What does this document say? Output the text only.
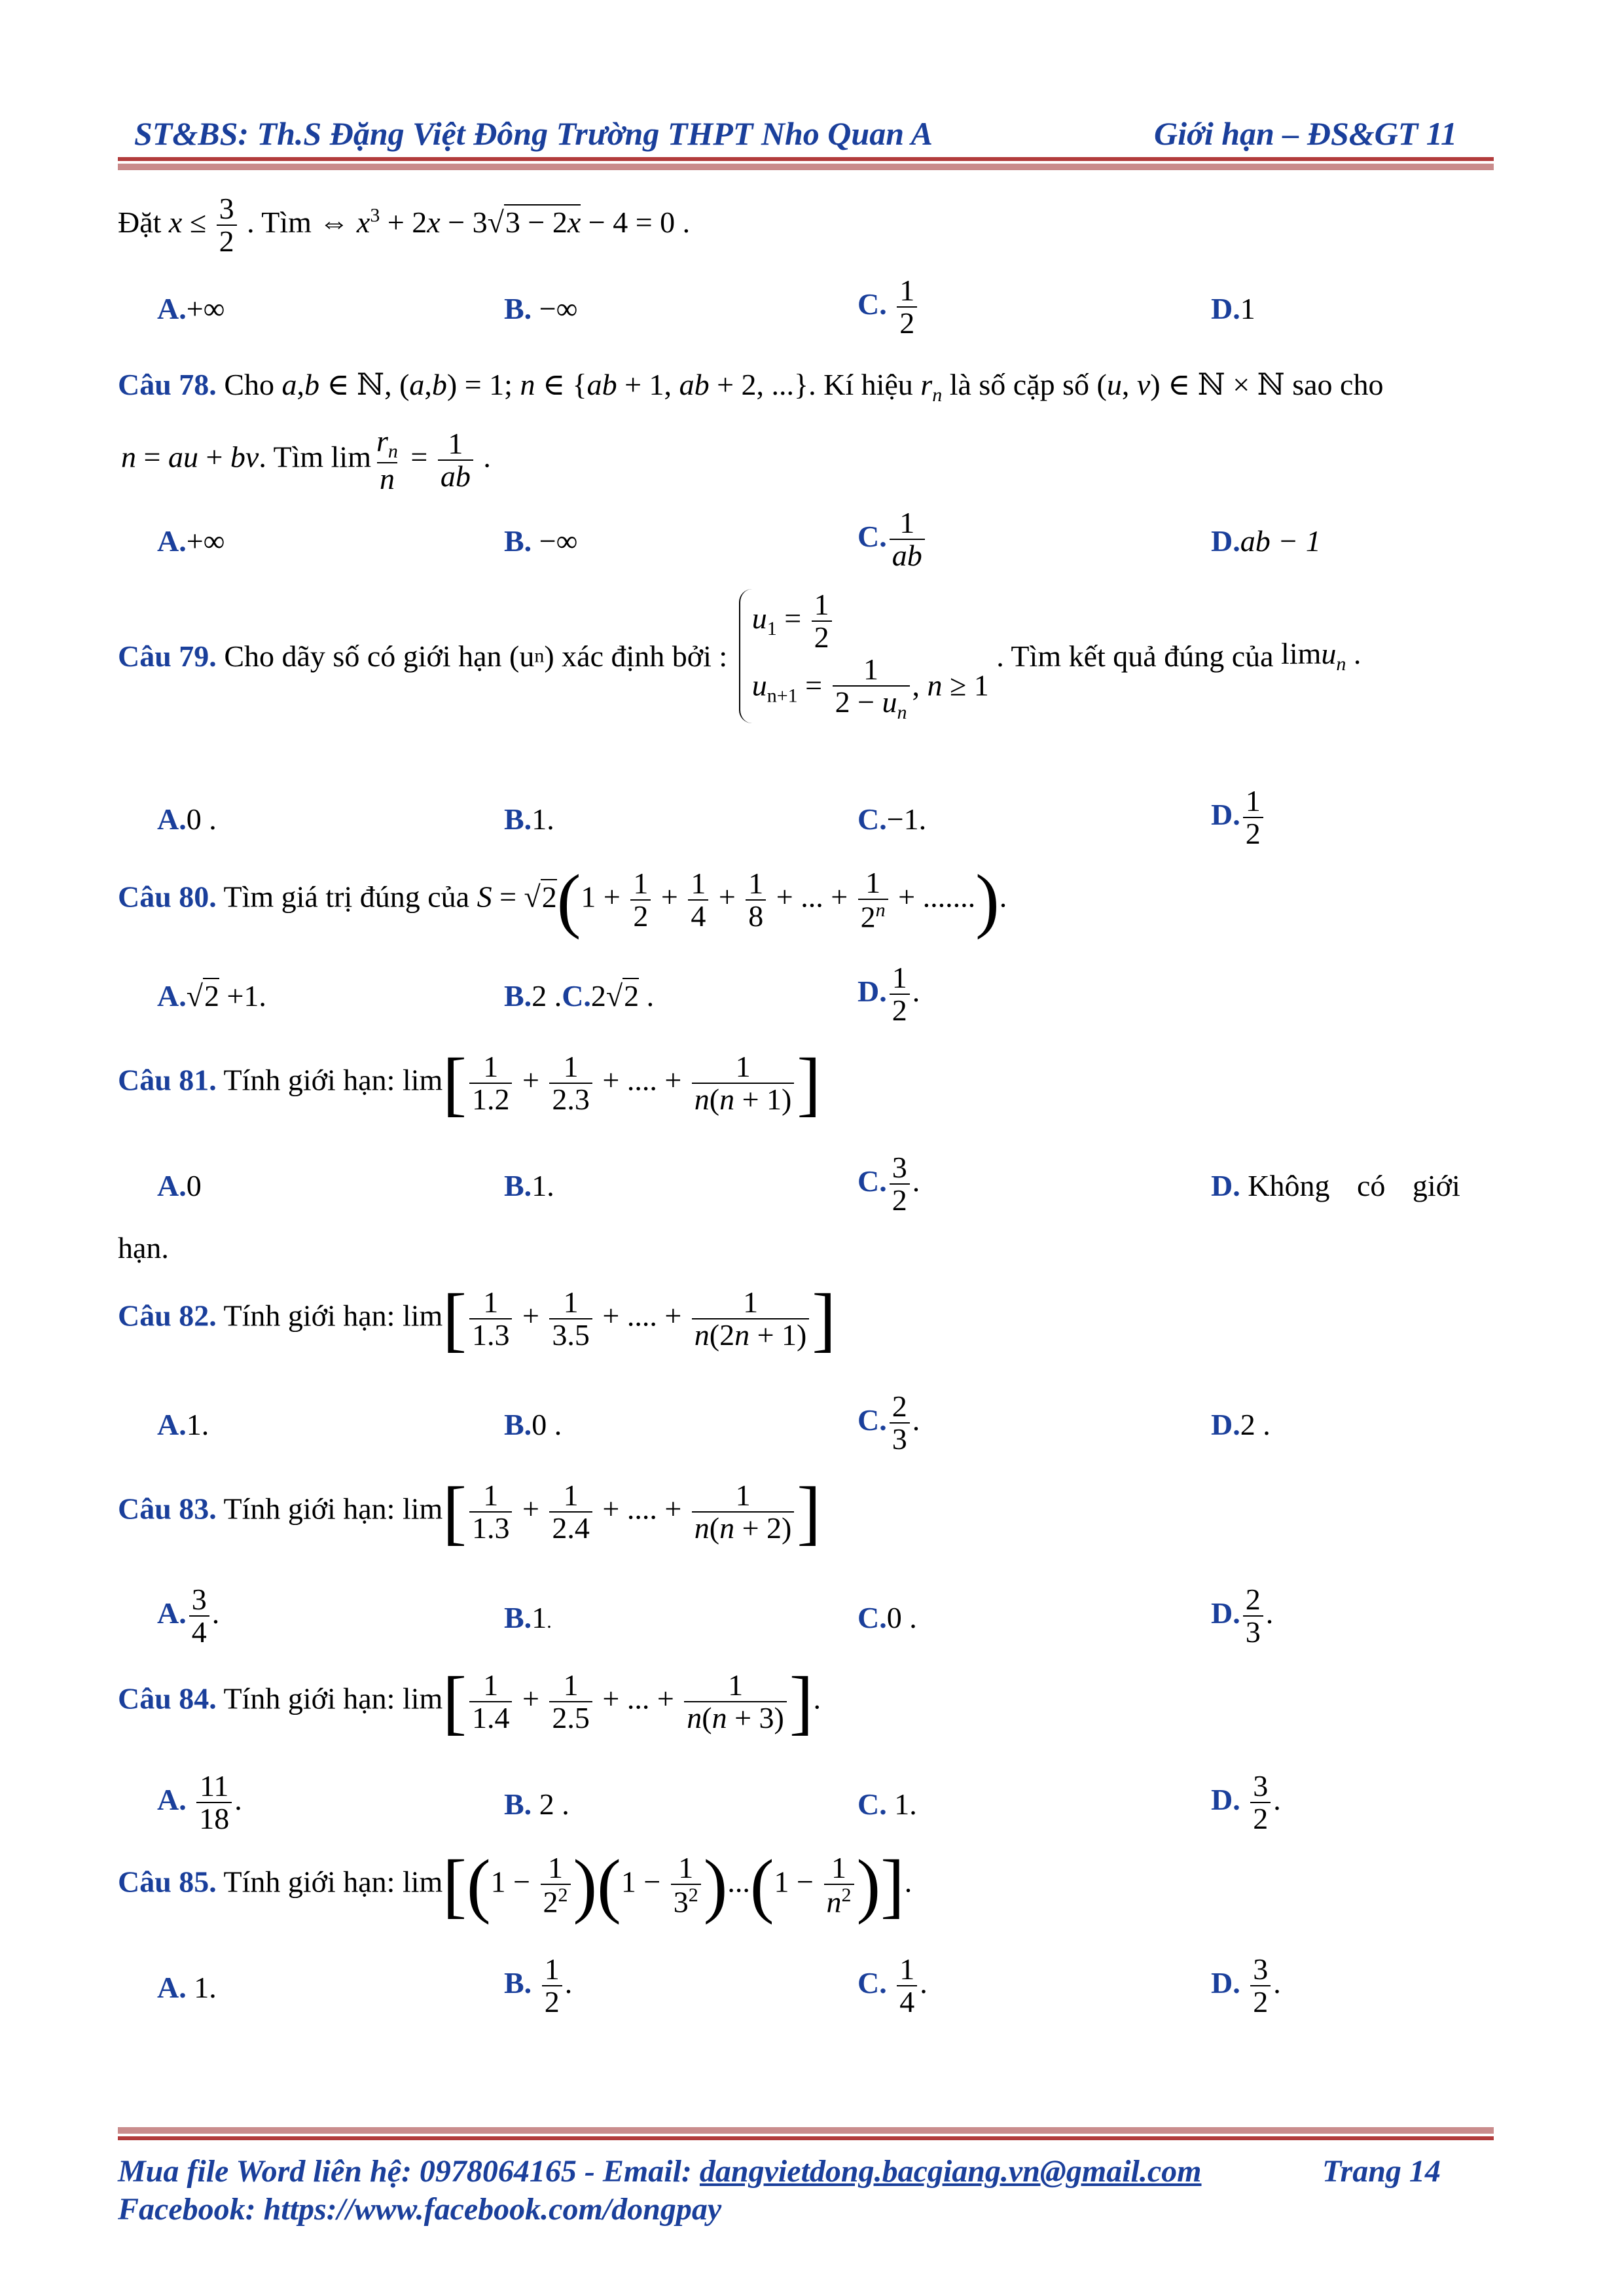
ST&BS: Th.S Đặng Việt Đông Trường THPT Nho Quan A	Giới hạn – ĐS&GT 11
Đặt $x \le \frac{3}{2}$ . Tìm ⇔ $x^3 + 2x - 3√3 - 2x - 4 = 0$ .
A.+∞	B. −∞	C. $\frac{1}{2}$	D.1
Câu 78. Cho a,b ∈ ℕ, (a,b) = 1; n ∈ {ab + 1, ab + 2, ...}. Kí hiệu $r_n$ là số cặp số (u, v) ∈ ℕ × ℕ sao cho
n = au + bv. Tìm $\lim \frac{r_n}{n} = \frac{1}{ab}$ .
A.+∞	B. −∞	C. $\frac{1}{ab}$	D.ab − 1
Câu 79. Cho dãy số có giới hạn (un) xác định bởi :
$u_1 = \frac{1}{2}$
$u_{n+1} = \frac{1}{2 - u_n}$ , n ≥ 1
. Tìm kết quả đúng của limu$_n$ .
A.0 .	B.1.	C.−1.	D. $\frac{1}{2}$
Câu 80. Tìm giá trị đúng của $S = √2(1 + \frac{1}{2} + \frac{1}{4} + \frac{1}{8}$ + ... + $\frac{1}{2^n}$ + .......).
A.√2 +1.	B.2 .C.2√2 .	D. $\frac{1}{2}$ .
Câu 81. Tính giới hạn: $\lim[ \frac{1}{1.2} + \frac{1}{2.3}$ + .... + $\frac{1}{n(n + 1)}$ ]
A.0	B.1.	C. $\frac{3}{2}$ .	D. Không có giới
hạn.
Câu 82. Tính giới hạn: $\lim[ \frac{1}{1.3} + \frac{1}{3.5}$ + .... + $\frac{1}{n(2n + 1)}$ ]
A.1.	B.0 .	C. $\frac{2}{3}$ .	D.2 .
Câu 83. Tính giới hạn: $\lim[ \frac{1}{1.3} + \frac{1}{2.4}$ + .... + $\frac{1}{n(n + 2)}$ ]
A. $\frac{3}{4}$ .	B.1.	C.0 .	D. $\frac{2}{3}$ .
Câu 84. Tính giới hạn: $\lim[ \frac{1}{1.4} + \frac{1}{2.5}$ + ... + $\frac{1}{n(n + 3)}$ ].
A. $\frac{11}{18}$ .	B. 2 .	C. 1.	D. $\frac{3}{2}$ .
Câu 85. Tính giới hạn: $\lim[(1 - \frac{1}{2^2} )(1 - \frac{1}{3^2} )...(1 - \frac{1}{n^2}$ )].
A. 1.	B. $\frac{1}{2}$ .	C. $\frac{1}{4}$ .	D. $\frac{3}{2}$ .
Mua file Word liên hệ: 0978064165 - Email: dangvietdong.bacgiang.vn@gmail.com	Trang 14
Facebook: https://www.facebook.com/dongpay
